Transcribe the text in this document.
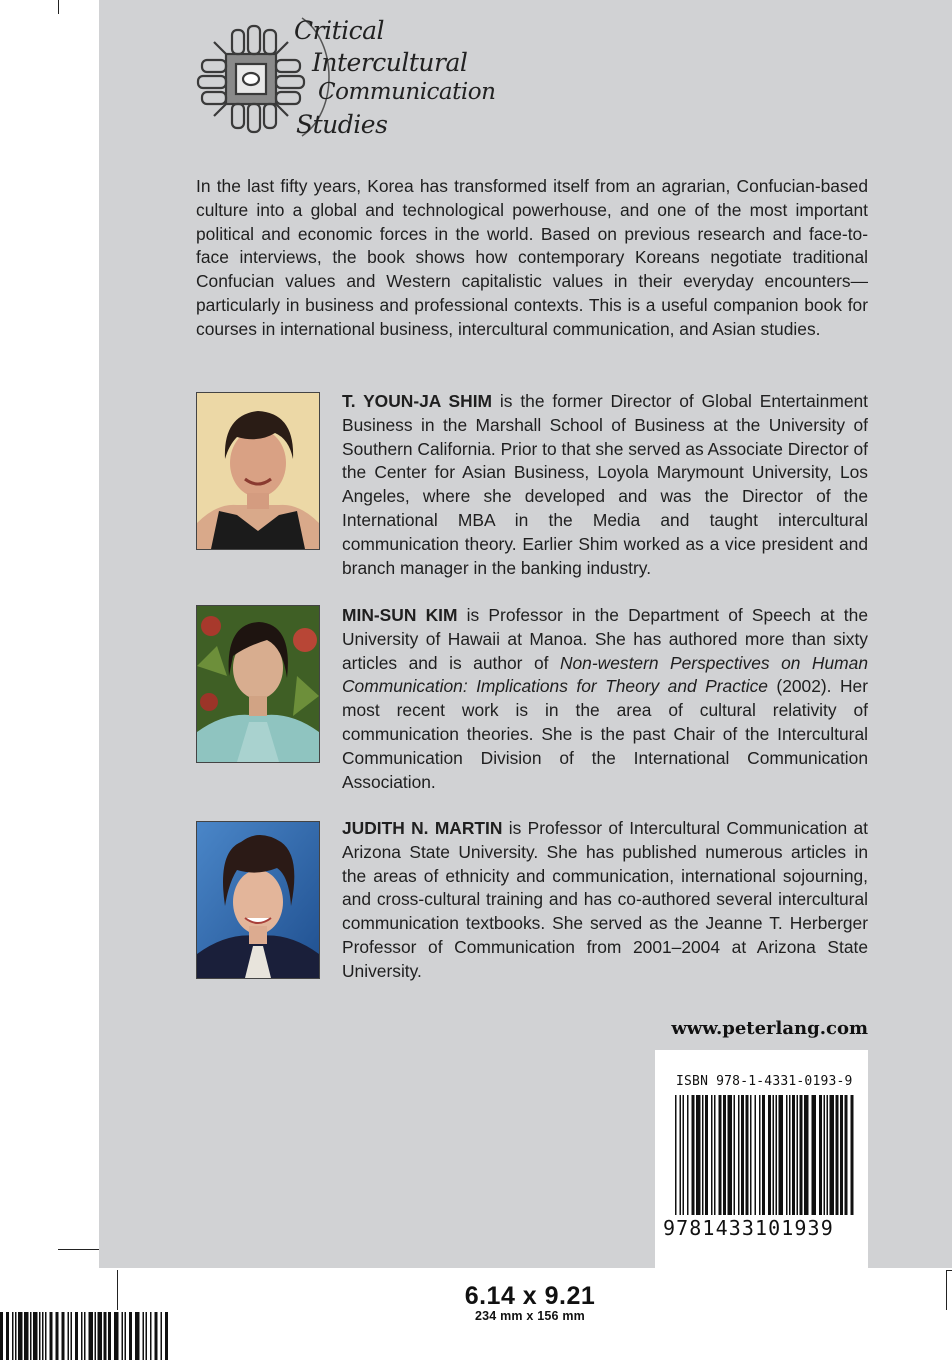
Critical
Intercultural
Communication
Studies
In the last fifty years, Korea has transformed itself from an agrarian, Confucian-based culture into a global and technological powerhouse, and one of the most important political and economic forces in the world. Based on previous research and face-to-face interviews, the book shows how contemporary Koreans negotiate traditional Confucian values and Western capitalistic values in their everyday encounters—particularly in business and professional contexts. This is a useful companion book for courses in international business, intercultural communication, and Asian studies.
T. YOUN-JA SHIM is the former Director of Global Entertainment Business in the Marshall School of Business at the University of Southern California. Prior to that she served as Associate Director of the Center for Asian Business, Loyola Marymount University, Los Angeles, where she developed and was the Director of the International MBA in the Media and taught intercultural communication theory. Earlier Shim worked as a vice president and branch manager in the banking industry.
MIN-SUN KIM is Professor in the Department of Speech at the University of Hawaii at Manoa. She has authored more than sixty articles and is author of Non-western Perspectives on Human Communication: Implications for Theory and Practice (2002). Her most recent work is in the area of cultural relativity of communication theories. She is the past Chair of the Intercultural Communication Division of the International Communication Association.
JUDITH N. MARTIN is Professor of Intercultural Communication at Arizona State University. She has published numerous articles in the areas of ethnicity and communication, international sojourning, and cross-cultural training and has co-authored several intercultural communication textbooks. She served as the Jeanne T. Herberger Professor of Communication from 2001–2004 at Arizona State University.
www.peterlang.com
ISBN 978-1-4331-0193-9
9781433101939
6.14 x 9.21
234 mm x 156 mm
